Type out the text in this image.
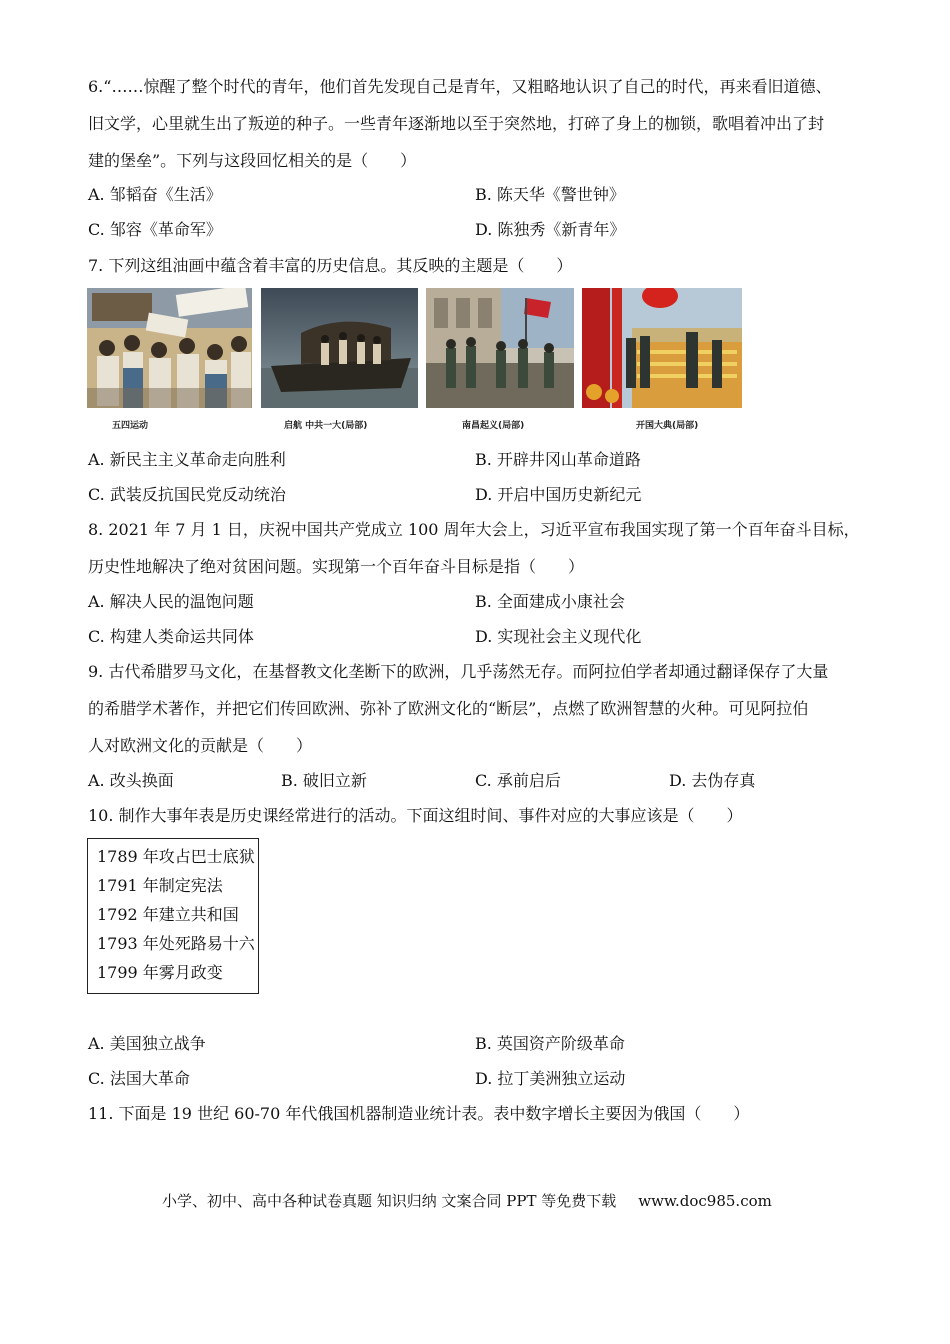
6.“……惊醒了整个时代的青年，他们首先发现自己是青年，又粗略地认识了自己的时代，再来看旧道德、
旧文学，心里就生出了叛逆的种子。一些青年逐渐地以至于突然地，打碎了身上的枷锁，歌唱着冲出了封
建的堡垒”。下列与这段回忆相关的是（　　）
A. 邹韬奋《生活》	B. 陈天华《警世钟》
C. 邹容《革命军》	D. 陈独秀《新青年》
7. 下列这组油画中蕴含着丰富的历史信息。其反映的主题是（　　）
五四运动	启航 中共一大(局部)	南昌起义(局部)	开国大典(局部)
A. 新民主主义革命走向胜利	B. 开辟井冈山革命道路
C. 武装反抗国民党反动统治	D. 开启中国历史新纪元
8. 2021 年 7 月 1 日，庆祝中国共产党成立 100 周年大会上，习近平宣布我国实现了第一个百年奋斗目标，
历史性地解决了绝对贫困问题。实现第一个百年奋斗目标是指（　　）
A. 解决人民的温饱问题	B. 全面建成小康社会
C. 构建人类命运共同体	D. 实现社会主义现代化
9. 古代希腊罗马文化，在基督教文化垄断下的欧洲，几乎荡然无存。而阿拉伯学者却通过翻译保存了大量
的希腊学术著作，并把它们传回欧洲、弥补了欧洲文化的“断层”，点燃了欧洲智慧的火种。可见阿拉伯
人对欧洲文化的贡献是（　　）
A. 改头换面	B. 破旧立新	C. 承前启后	D. 去伪存真
10. 制作大事年表是历史课经常进行的活动。下面这组时间、事件对应的大事应该是（　　）
1789 年攻占巴士底狱
1791 年制定宪法
1792 年建立共和国
1793 年处死路易十六
1799 年雾月政变
A. 美国独立战争	B. 英国资产阶级革命
C. 法国大革命	D. 拉丁美洲独立运动
11. 下面是 19 世纪 60-70 年代俄国机器制造业统计表。表中数字增长主要因为俄国（　　）
小学、初中、高中各种试卷真题 知识归纳 文案合同 PPT 等免费下载 www.doc985.com
